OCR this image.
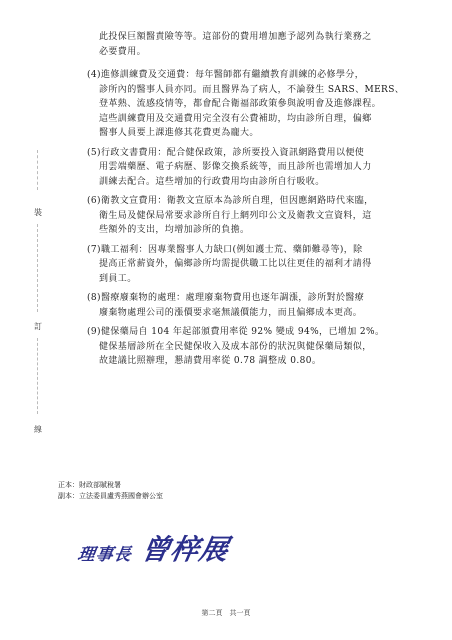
裝
訂
線

此投保巨額醫責險等等。這部份的費用增加應予認列為執行業務之
必要費用。

(4)進修訓練費及交通費：每年醫師都有繼續教育訓練的必修學分，
診所內的醫事人員亦同。而且醫界為了病人，不論發生 SARS、MERS、
登革熱、流感疫情等，都會配合衛福部政策參與說明會及進修課程。
這些訓練費用及交通費用完全沒有公費補助，均由診所自理，偏鄉
醫事人員要上課進修其花費更為龐大。

(5)行政文書費用：配合健保政策，診所要投入資訊網路費用以便使
用雲端藥歷、電子病歷、影像交換系統等，而且診所也需增加人力
訓練去配合。這些增加的行政費用均由診所自行吸收。

(6)衛教文宣費用：衛教文宣原本為診所自理，但因應網路時代來臨，
衛生局及健保局常要求診所自行上網列印公文及衛教文宣資料，這
些額外的支出，均增加診所的負擔。

(7)職工福利：因專業醫事人力缺口(例如護士荒、藥師難尋等)，除
提高正常薪資外，偏鄉診所均需提供職工比以往更佳的福利才請得
到員工。

(8)醫療廢棄物的處理：處理廢棄物費用也逐年調漲，診所對於醫療
廢棄物處理公司的漲價要求毫無議價能力，而且偏鄉成本更高。

(9)健保藥局自 104 年起部頒費用率從 92% 變成 94%，已增加 2%。
健保基層診所在全民健保收入及成本部份的狀況與健保藥局類似，
故建議比照辦理，懇請費用率從 0.78 調整成 0.80。

正本：財政部賦稅署
副本：立法委員盧秀燕國會辦公室
理事長 曾梓展
第二頁　共一頁
